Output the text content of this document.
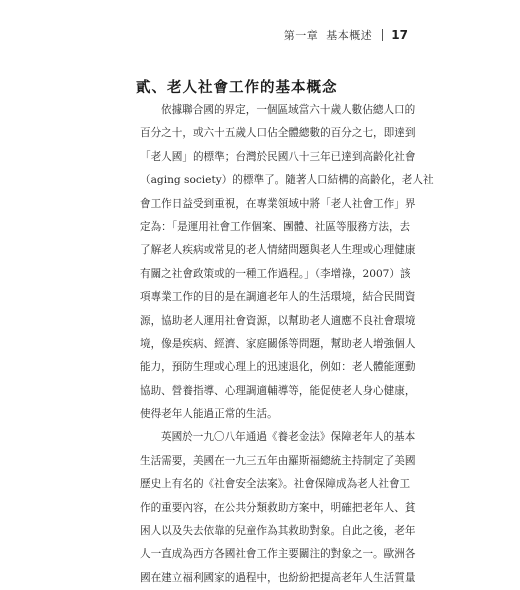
第一章 基本概述 17
貳、老人社會工作的基本概念
依據聯合國的界定，一個區域當六十歲人數佔總人口的
百分之十，或六十五歲人口佔全體總數的百分之七，即達到
「老人國」的標準；台灣於民國八十三年已達到高齡化社會
（aging society）的標準了。隨著人口結構的高齡化，老人社
會工作日益受到重視，在專業領域中將「老人社會工作」界
定為：「是運用社會工作個案、團體、社區等服務方法，去
了解老人疾病或常見的老人情緒問題與老人生理或心理健康
有關之社會政策或的一種工作過程。」（李增祿，2007）該
項專業工作的目的是在調適老年人的生活環境，結合民間資
源，協助老人運用社會資源，以幫助老人適應不良社會環境
境，像是疾病、經濟、家庭關係等問題，幫助老人增強個人
能力，預防生理或心理上的迅速退化，例如：老人體能運動
協助、營養指導、心理調適輔導等，能促使老人身心健康，
使得老年人能過正常的生活。
英國於一九〇八年通過《養老金法》保障老年人的基本
生活需要，美國在一九三五年由羅斯福總統主持制定了美國
歷史上有名的《社會安全法案》。社會保障成為老人社會工
作的重要內容，在公共分類救助方案中，明確把老年人、貧
困人以及失去依靠的兒童作為其救助對象。自此之後，老年
人一直成為西方各國社會工作主要關注的對象之一。歐洲各
國在建立福利國家的過程中，也紛紛把提高老年人生活質量
